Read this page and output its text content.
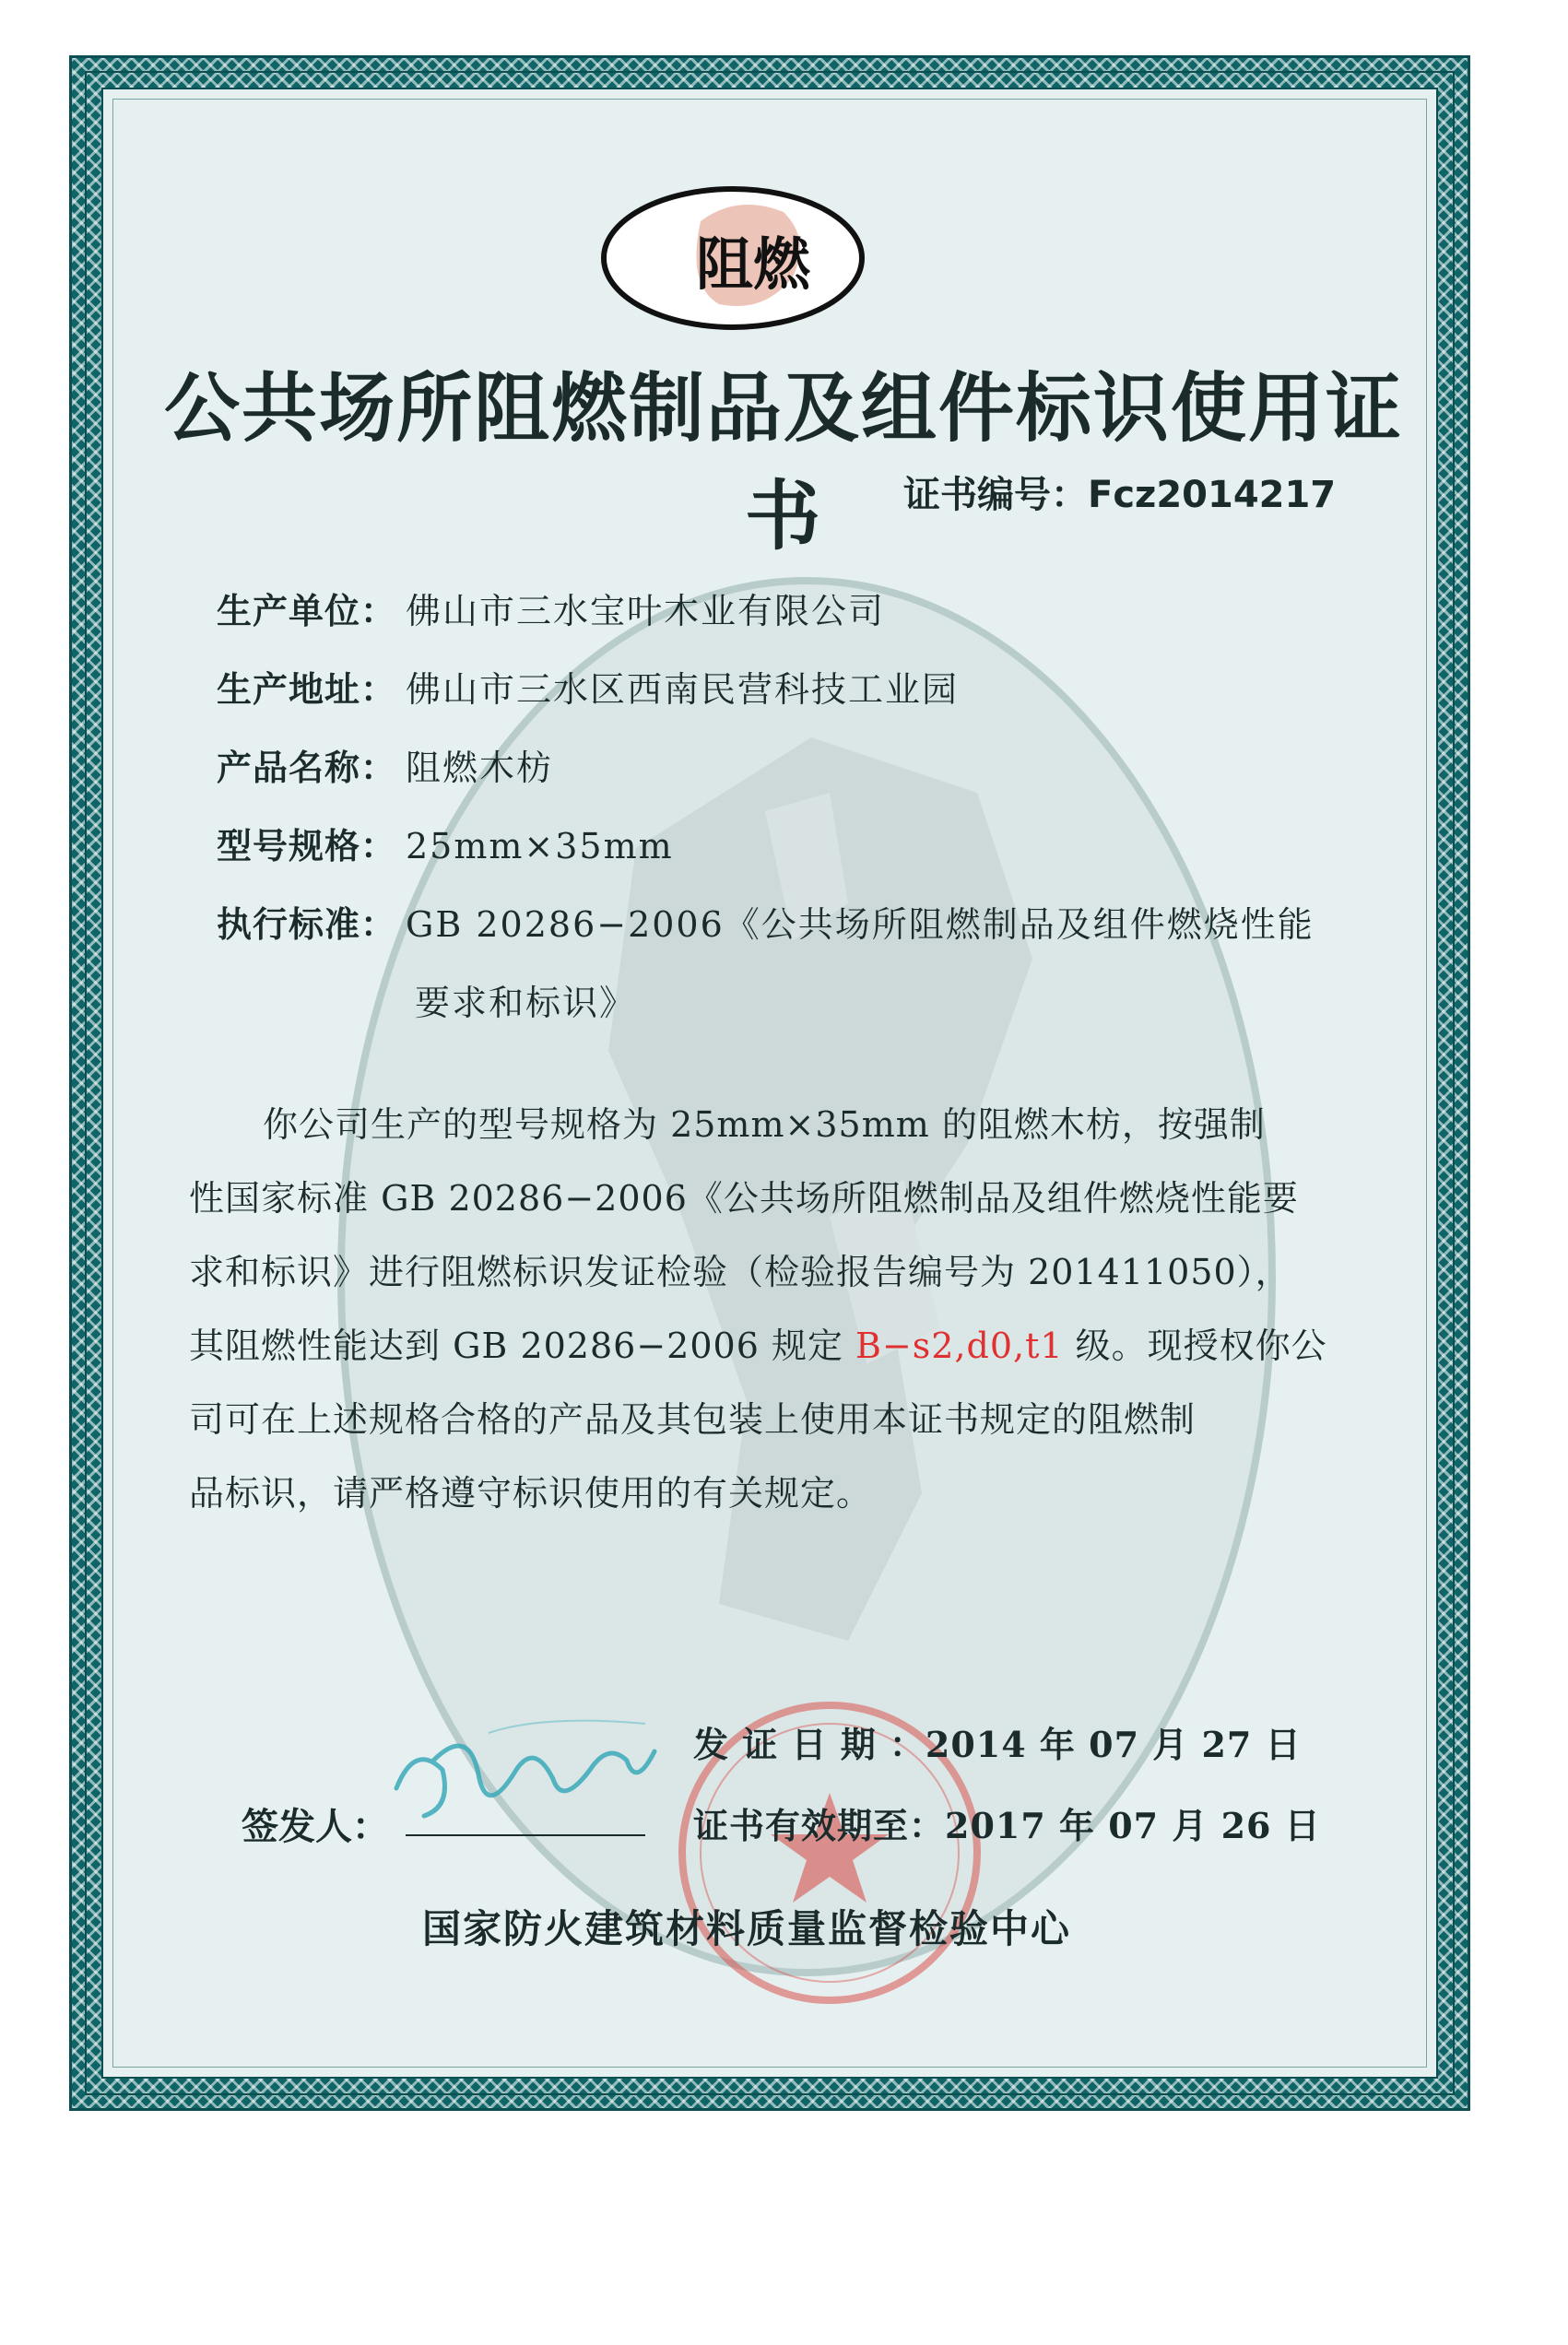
阻燃
公共场所阻燃制品及组件标识使用证书	证书编号：Fcz2014217
生产单位： 佛山市三水宝叶木业有限公司
生产地址： 佛山市三水区西南民营科技工业园
产品名称： 阻燃木枋
型号规格： 25mm×35mm
执行标准： GB 20286−2006《公共场所阻燃制品及组件燃烧性能
要求和标识》
你公司生产的型号规格为 25mm×35mm 的阻燃木枋，按强制
性国家标准 GB 20286−2006《公共场所阻燃制品及组件燃烧性能要
求和标识》进行阻燃标识发证检验（检验报告编号为 201411050），
其阻燃性能达到 GB 20286−2006 规定 B−s2,d0,t1 级。现授权你公
司可在上述规格合格的产品及其包装上使用本证书规定的阻燃制
品标识，请严格遵守标识使用的有关规定。
签发人：
发 证 日 期 ：2014 年 07 月 27 日
证书有效期至：2017 年 07 月 26 日
国家防火建筑材料质量监督检验中心
